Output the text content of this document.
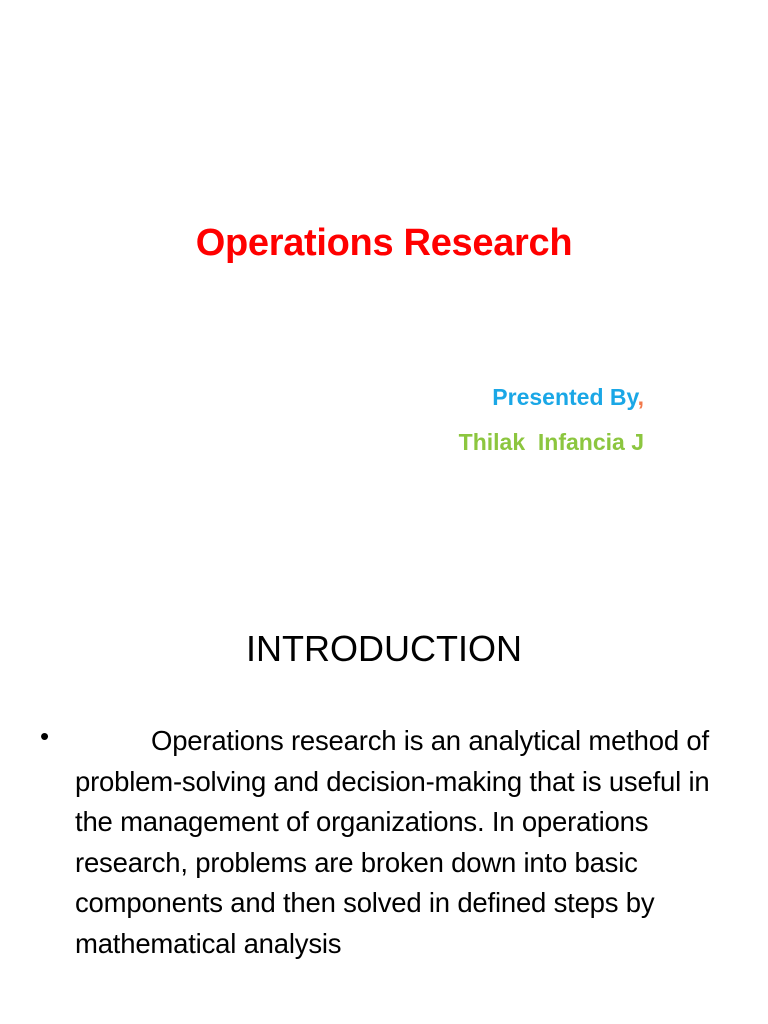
Operations Research
Presented By,
Thilak  Infancia J
INTRODUCTION
•	Operations research is an analytical method of problem-solving and decision-making that is useful in the management of organizations. In operations research, problems are broken down into basic components and then solved in defined steps by mathematical analysis
